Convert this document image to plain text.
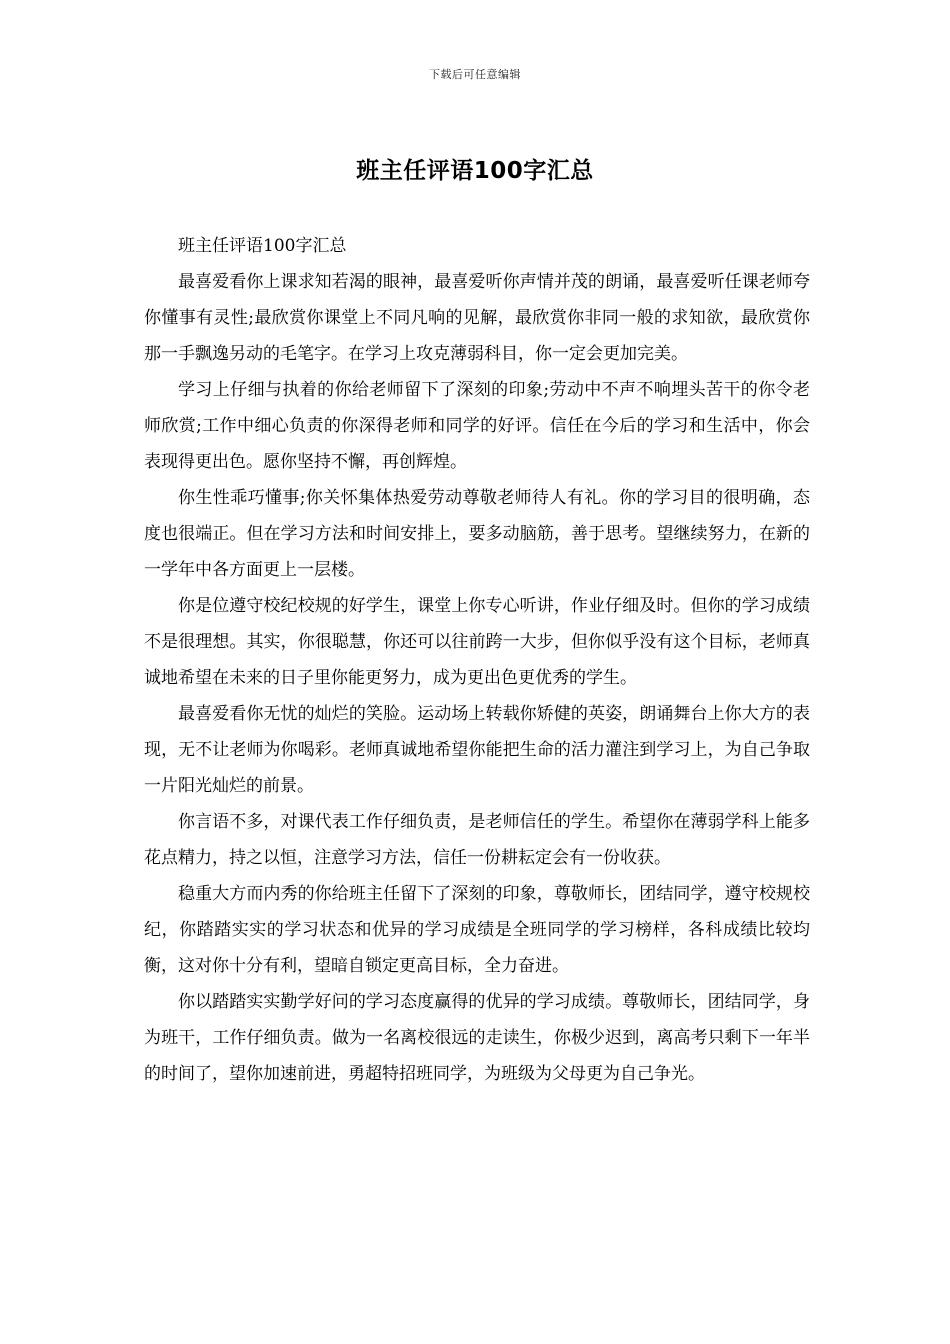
下载后可任意编辑
班主任评语100字汇总

班主任评语100字汇总

最喜爱看你上课求知若渴的眼神，最喜爱听你声情并茂的朗诵，最喜爱听任课老师夸你懂事有灵性;最欣赏你课堂上不同凡响的见解，最欣赏你非同一般的求知欲，最欣赏你那一手飘逸另动的毛笔字。在学习上攻克薄弱科目，你一定会更加完美。

学习上仔细与执着的你给老师留下了深刻的印象;劳动中不声不响埋头苦干的你令老师欣赏;工作中细心负责的你深得老师和同学的好评。信任在今后的学习和生活中，你会表现得更出色。愿你坚持不懈，再创辉煌。

你生性乖巧懂事;你关怀集体热爱劳动尊敬老师待人有礼。你的学习目的很明确，态度也很端正。但在学习方法和时间安排上，要多动脑筋，善于思考。望继续努力，在新的一学年中各方面更上一层楼。

你是位遵守校纪校规的好学生，课堂上你专心听讲，作业仔细及时。但你的学习成绩不是很理想。其实，你很聪慧，你还可以往前跨一大步，但你似乎没有这个目标，老师真诚地希望在未来的日子里你能更努力，成为更出色更优秀的学生。

最喜爱看你无忧的灿烂的笑脸。运动场上转载你矫健的英姿，朗诵舞台上你大方的表现，无不让老师为你喝彩。老师真诚地希望你能把生命的活力灌注到学习上，为自己争取一片阳光灿烂的前景。

你言语不多，对课代表工作仔细负责，是老师信任的学生。希望你在薄弱学科上能多花点精力，持之以恒，注意学习方法，信任一份耕耘定会有一份收获。

稳重大方而内秀的你给班主任留下了深刻的印象，尊敬师长，团结同学，遵守校规校纪，你踏踏实实的学习状态和优异的学习成绩是全班同学的学习榜样，各科成绩比较均衡，这对你十分有利，望暗自锁定更高目标，全力奋进。

你以踏踏实实勤学好问的学习态度赢得的优异的学习成绩。尊敬师长，团结同学，身为班干，工作仔细负责。做为一名离校很远的走读生，你极少迟到，离高考只剩下一年半的时间了，望你加速前进，勇超特招班同学，为班级为父母更为自己争光。
